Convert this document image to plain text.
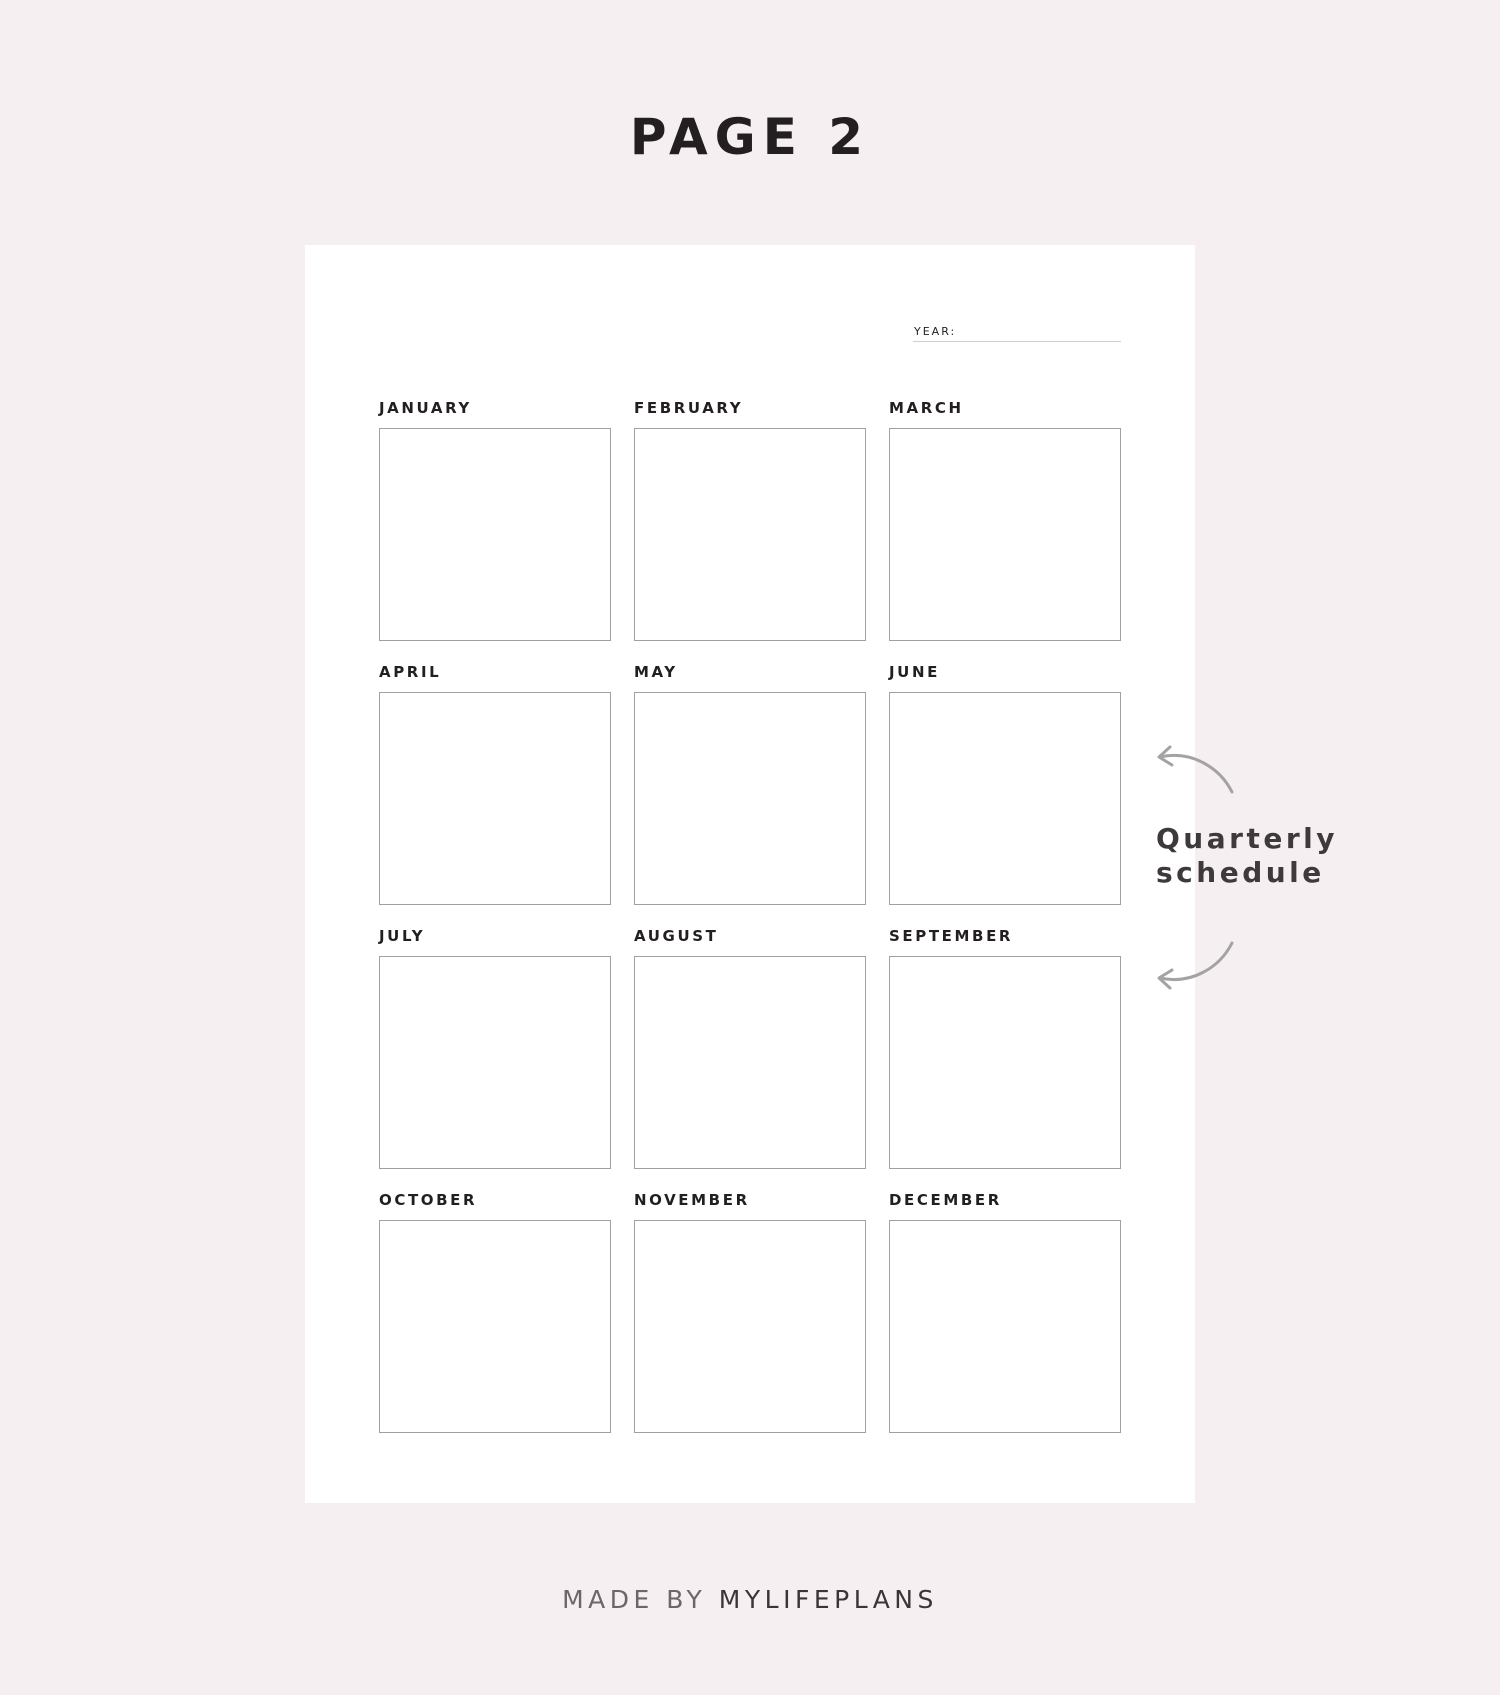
PAGE 2
YEAR:
JANUARY	FEBRUARY	MARCH
APRIL	MAY	JUNE
JULY	AUGUST	SEPTEMBER
OCTOBER	NOVEMBER	DECEMBER
Quarterly
schedule
MADE BY MYLIFEPLANS
